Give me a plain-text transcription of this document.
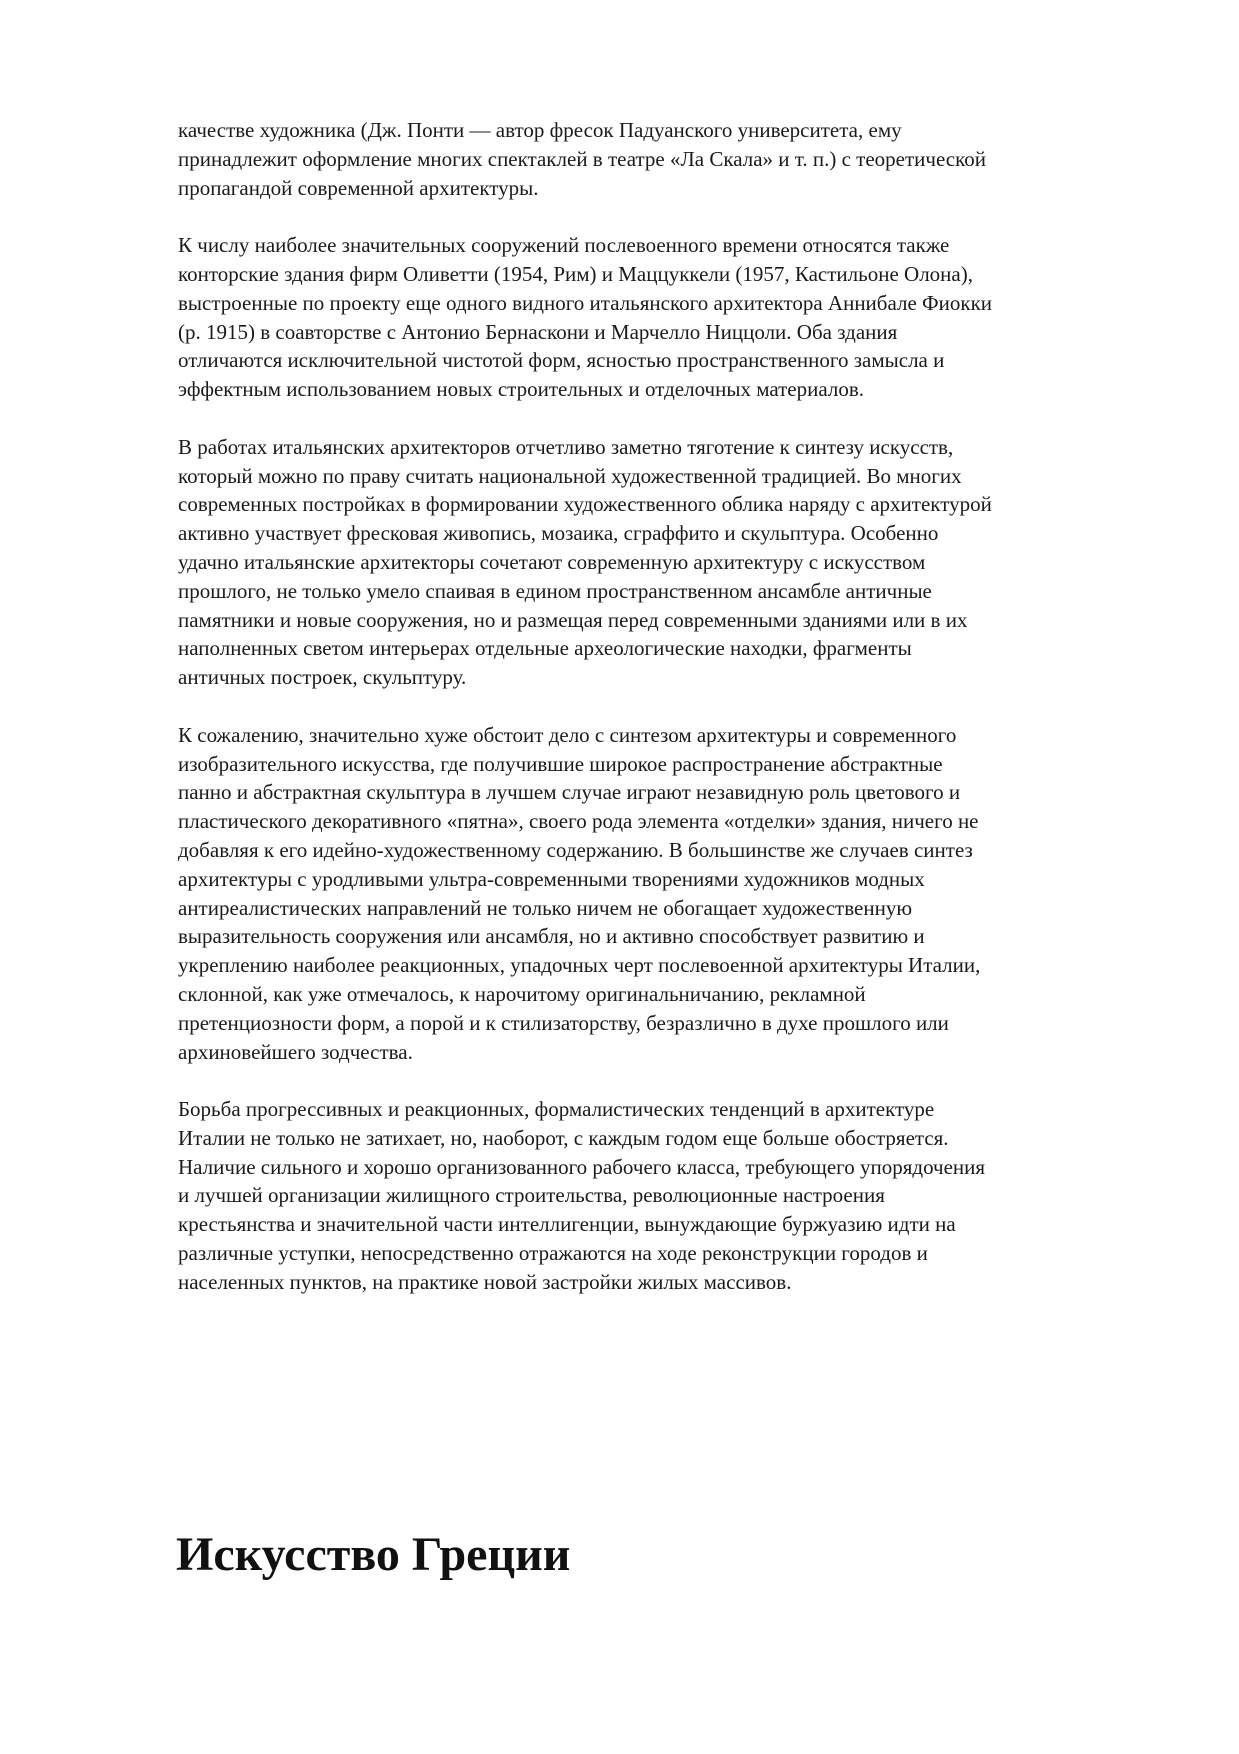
качестве художника (Дж. Понти — автор фресок Падуанского университета, ему
принадлежит оформление многих спектаклей в театре «Ла Скала» и т. п.) с теоретической
пропагандой современной архитектуры.

К числу наиболее значительных сооружений послевоенного времени относятся также
конторские здания фирм Оливетти (1954, Рим) и Маццуккели (1957, Кастильоне Олона),
выстроенные по проекту еще одного видного итальянского архитектора Аннибале Фиокки
(р. 1915) в соавторстве с Антонио Бернаскони и Марчелло Ниццоли. Оба здания
отличаются исключительной чистотой форм, ясностью пространственного замысла и
эффектным использованием новых строительных и отделочных материалов.

В работах итальянских архитекторов отчетливо заметно тяготение к синтезу искусств,
который можно по праву считать национальной художественной традицией. Во многих
современных постройках в формировании художественного облика наряду с архитектурой
активно участвует фресковая живопись, мозаика, сграффито и скульптура. Особенно
удачно итальянские архитекторы сочетают современную архитектуру с искусством
прошлого, не только умело спаивая в едином пространственном ансамбле античные
памятники и новые сооружения, но и размещая перед современными зданиями или в их
наполненных светом интерьерах отдельные археологические находки, фрагменты
античных построек, скульптуру.

К сожалению, значительно хуже обстоит дело с синтезом архитектуры и современного
изобразительного искусства, где получившие широкое распространение абстрактные
панно и абстрактная скульптура в лучшем случае играют незавидную роль цветового и
пластического декоративного «пятна», своего рода элемента «отделки» здания, ничего не
добавляя к его идейно-художественному содержанию. В большинстве же случаев синтез
архитектуры с уродливыми ультра-современными творениями художников модных
антиреалистических направлений не только ничем не обогащает художественную
выразительность сооружения или ансамбля, но и активно способствует развитию и
укреплению наиболее реакционных, упадочных черт послевоенной архитектуры Италии,
склонной, как уже отмечалось, к нарочитому оригинальничанию, рекламной
претенциозности форм, а порой и к стилизаторству, безразлично в духе прошлого или
архиновейшего зодчества.

Борьба прогрессивных и реакционных, формалистических тенденций в архитектуре
Италии не только не затихает, но, наоборот, с каждым годом еще больше обостряется.
Наличие сильного и хорошо организованного рабочего класса, требующего упорядочения
и лучшей организации жилищного строительства, революционные настроения
крестьянства и значительной части интеллигенции, вынуждающие буржуазию идти на
различные уступки, непосредственно отражаются на ходе реконструкции городов и
населенных пунктов, на практике новой застройки жилых массивов.

Искусство Греции
